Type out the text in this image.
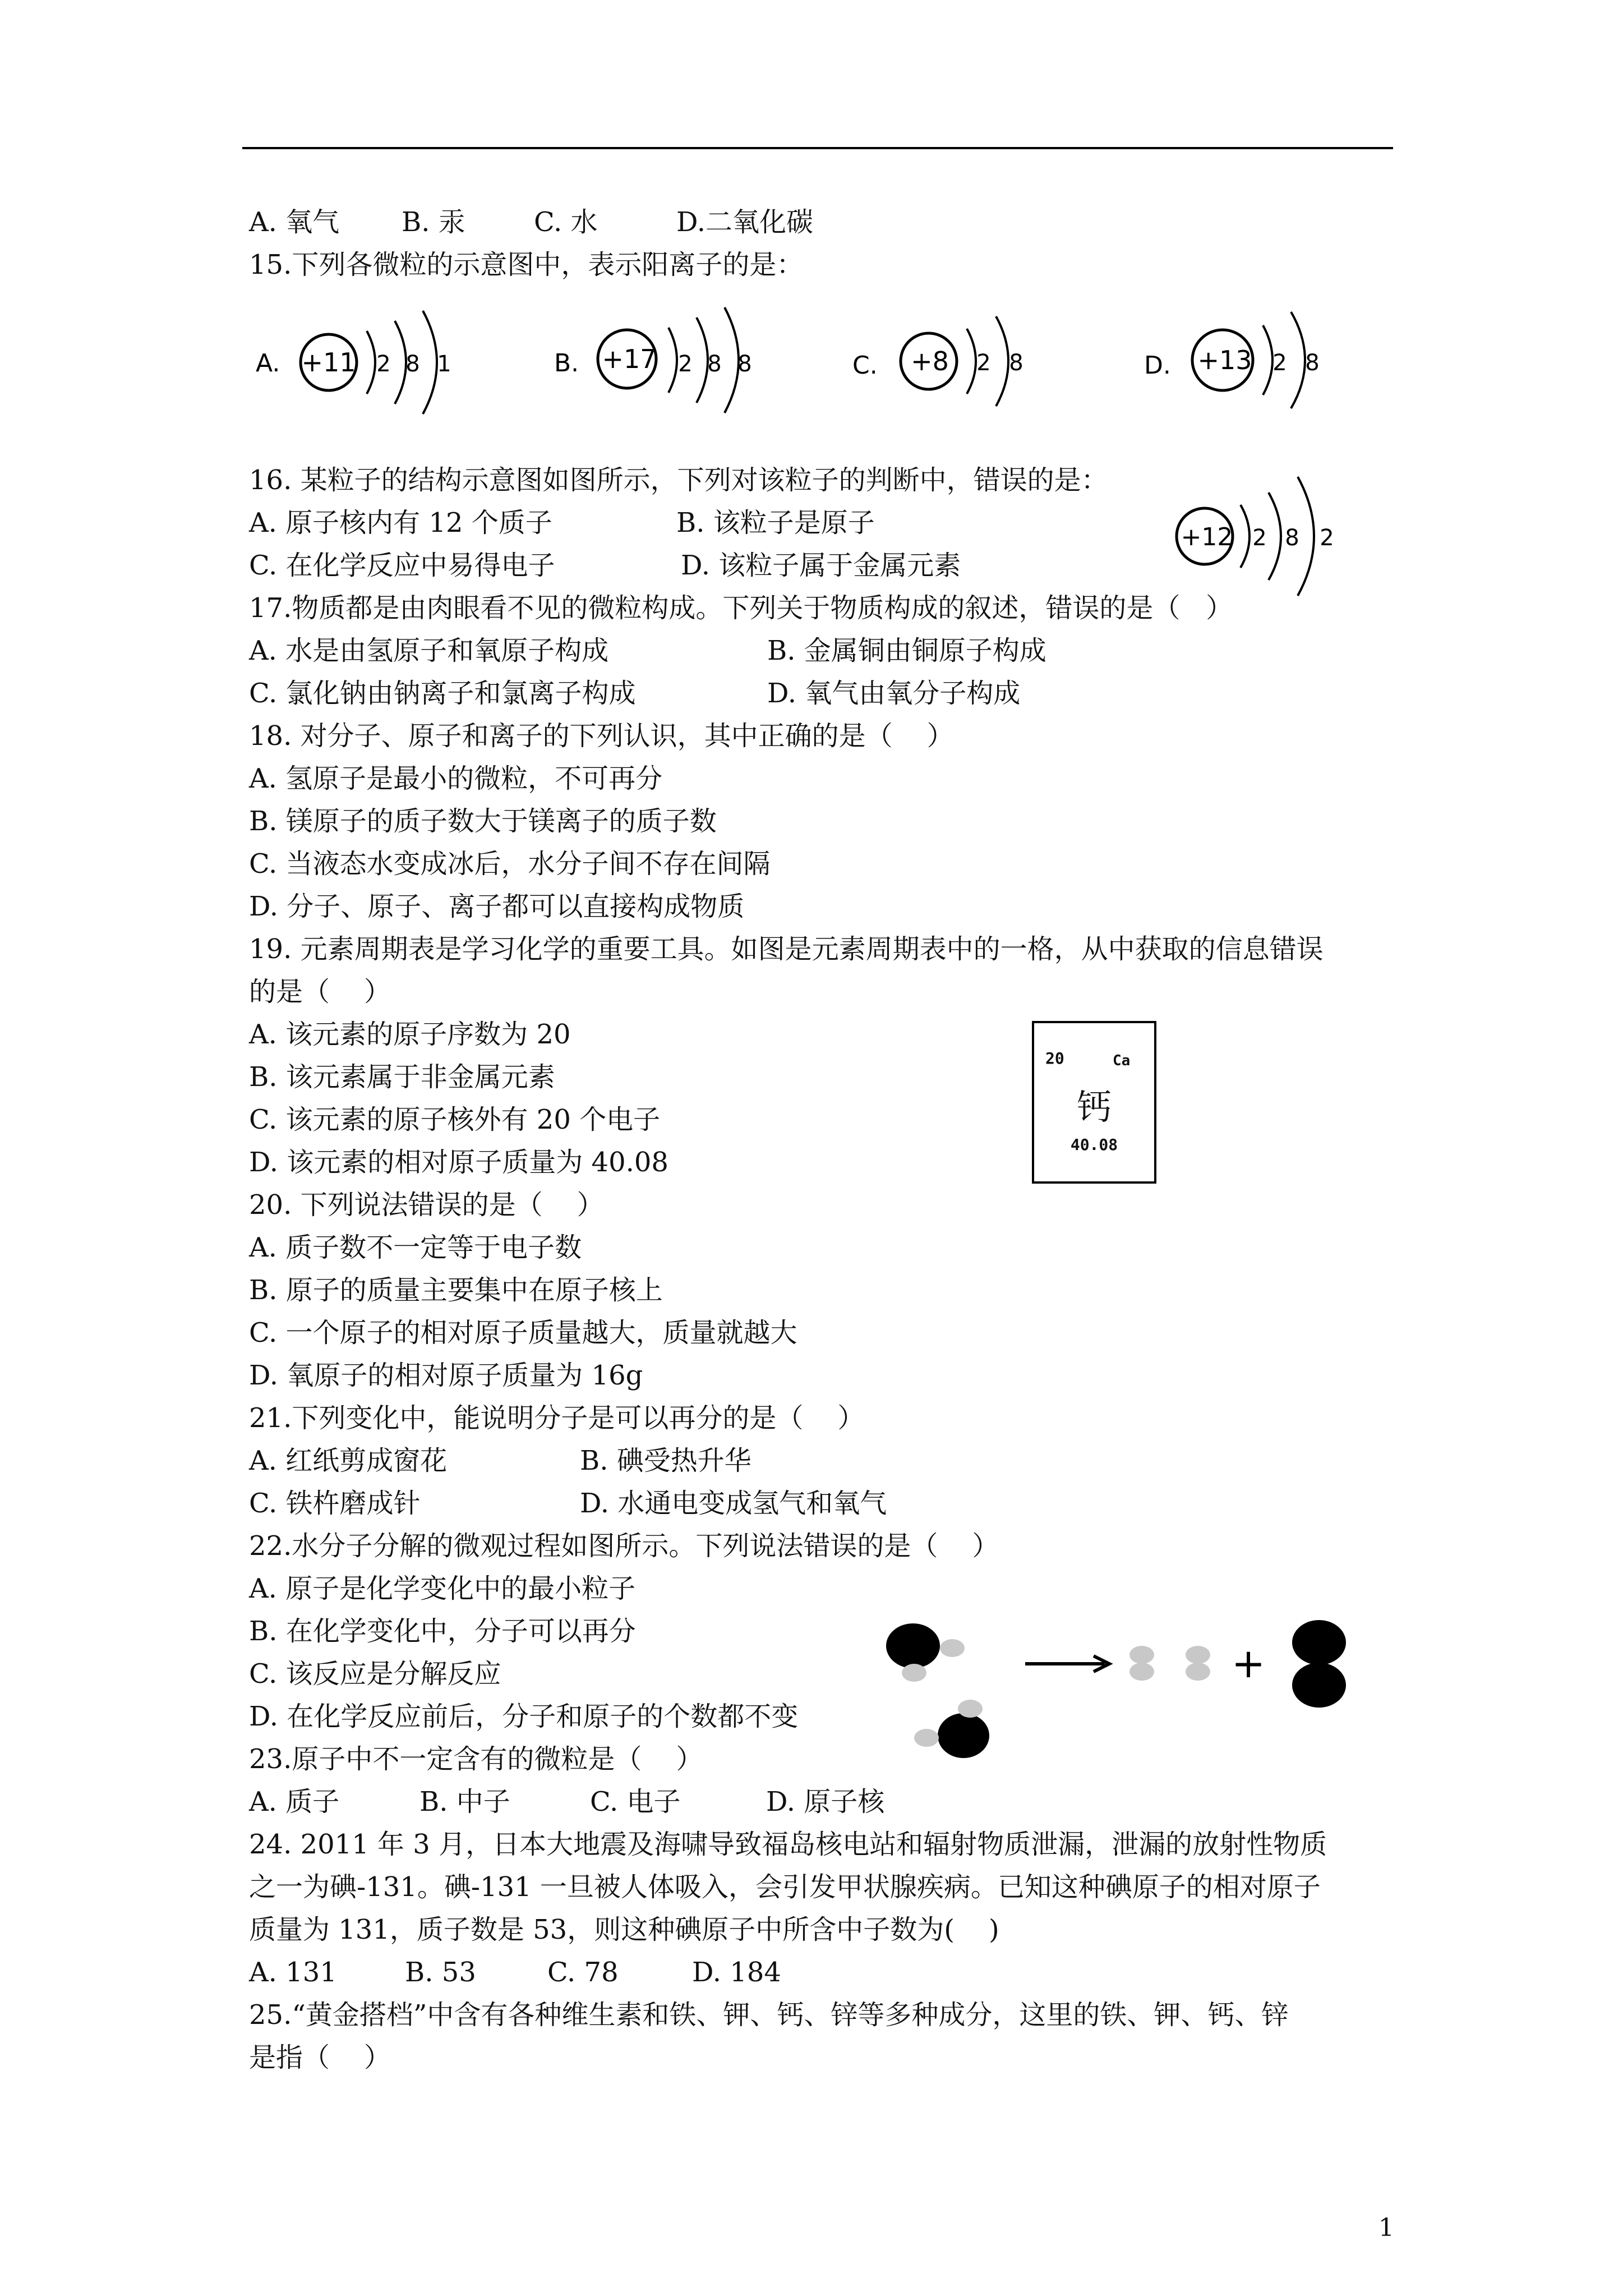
A. 氧气 B. 汞	C. 水	D.二氧化碳
15.下列各微粒的示意图中，表示阳离子的是：
A. +11 2 8 1	B. +17 2 8 8	C. +8 2 8	D. +13 2 8
16. 某粒子的结构示意图如图所示，下列对该粒子的判断中，错误的是：
A. 原子核内有 12 个质子	B. 该粒子是原子
C. 在化学反应中易得电子	D. 该粒子属于金属元素
+12 2 8 2
17.物质都是由肉眼看不见的微粒构成。下列关于物质构成的叙述，错误的是（   ）
A. 水是由氢原子和氧原子构成	B. 金属铜由铜原子构成
C. 氯化钠由钠离子和氯离子构成	D. 氧气由氧分子构成
18. 对分子、原子和离子的下列认识，其中正确的是（    ）
A. 氢原子是最小的微粒，不可再分
B. 镁原子的质子数大于镁离子的质子数
C. 当液态水变成冰后，水分子间不存在间隔
D. 分子、原子、离子都可以直接构成物质
19. 元素周期表是学习化学的重要工具。如图是元素周期表中的一格，从中获取的信息错误
的是（    ）
A. 该元素的原子序数为 20
B. 该元素属于非金属元素
C. 该元素的原子核外有 20 个电子
D. 该元素的相对原子质量为 40.08
20	Ca
钙
40.08
20. 下列说法错误的是（    ）
A. 质子数不一定等于电子数
B. 原子的质量主要集中在原子核上
C. 一个原子的相对原子质量越大，质量就越大
D. 氧原子的相对原子质量为 16g
21.下列变化中，能说明分子是可以再分的是（    ）
A. 红纸剪成窗花	B. 碘受热升华
C. 铁杵磨成针	D. 水通电变成氢气和氧气
22.水分子分解的微观过程如图所示。下列说法错误的是（    ）
A. 原子是化学变化中的最小粒子
B. 在化学变化中，分子可以再分
C. 该反应是分解反应
D. 在化学反应前后，分子和原子的个数都不变
+
23.原子中不一定含有的微粒是（    ）
A. 质子	B. 中子	C. 电子	D. 原子核
24. 2011 年 3 月，日本大地震及海啸导致福岛核电站和辐射物质泄漏，泄漏的放射性物质
之一为碘-131。碘-131 一旦被人体吸入，会引发甲状腺疾病。已知这种碘原子的相对原子
质量为 131，质子数是 53，则这种碘原子中所含中子数为(    )
A. 131	B. 53	C. 78	D. 184
25.“黄金搭档”中含有各种维生素和铁、钾、钙、锌等多种成分，这里的铁、钾、钙、锌
是指（    ）
1
